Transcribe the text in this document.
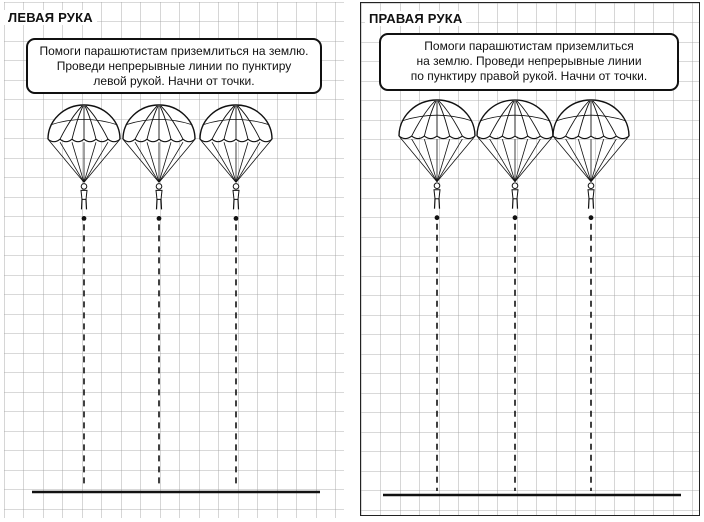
ЛЕВАЯ РУКА
Помоги парашютистам приземлиться на землю.
Проведи непрерывные линии по пунктиру
левой рукой. Начни от точки.
ПРАВАЯ РУКА
Помоги парашютистам приземлиться
на землю. Проведи непрерывные линии
по пунктиру правой рукой. Начни от точки.
